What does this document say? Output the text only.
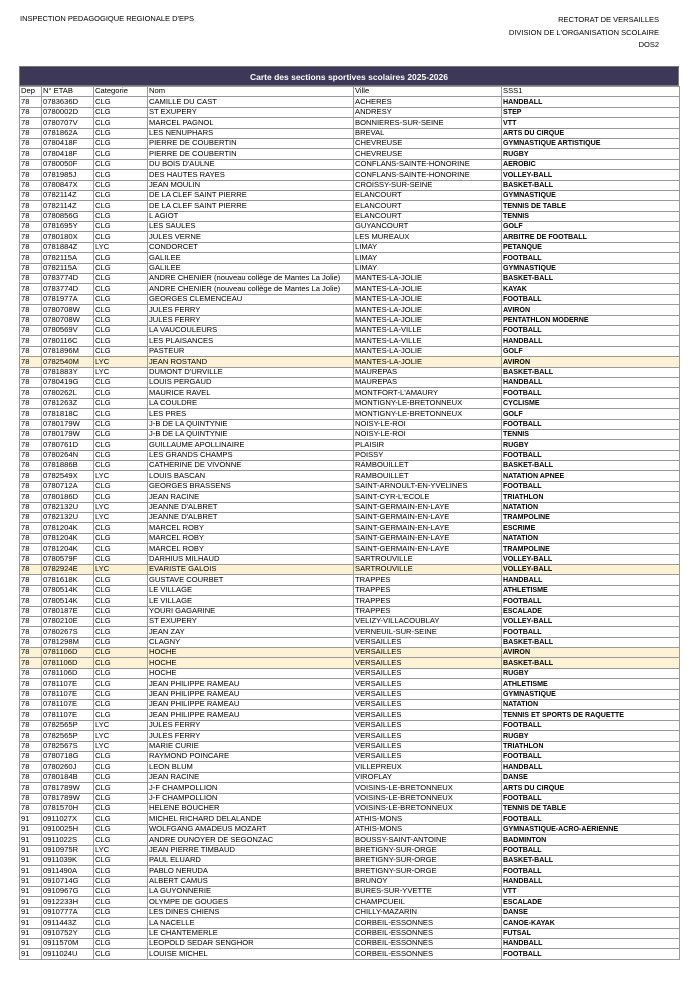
INSPECTION PEDAGOGIQUE REGIONALE D'EPS	RECTORAT DE VERSAILLES
DIVISION DE L'ORGANISATION SCOLAIRE
DOS2
Carte des sections sportives scolaires 2025-2026
Dep	N° ETAB	Categorie	Nom	Ville	SSS1
78	0783636D	CLG	CAMILLE DU CAST	ACHERES	HANDBALL
78	0780002D	CLG	ST EXUPERY	ANDRESY	STEP
78	0780707V	CLG	MARCEL PAGNOL	BONNIERES-SUR-SEINE	VTT
78	0781862A	CLG	LES NENUPHARS	BREVAL	ARTS DU CIRQUE
78	0780418F	CLG	PIERRE DE COUBERTIN	CHEVREUSE	GYMNASTIQUE ARTISTIQUE
78	0780418F	CLG	PIERRE DE COUBERTIN	CHEVREUSE	RUGBY
78	0780050F	CLG	DU BOIS D'AULNE	CONFLANS-SAINTE-HONORINE	AEROBIC
78	0781985J	CLG	DES HAUTES RAYES	CONFLANS-SAINTE-HONORINE	VOLLEY-BALL
78	0780847X	CLG	JEAN MOULIN	CROISSY-SUR-SEINE	BASKET-BALL
78	0782114Z	CLG	DE LA CLEF SAINT PIERRE	ELANCOURT	GYMNASTIQUE
78	0782114Z	CLG	DE LA CLEF SAINT PIERRE	ELANCOURT	TENNIS DE TABLE
78	0780856G	CLG	L AGIOT	ELANCOURT	TENNIS
78	0781695Y	CLG	LES SAULES	GUYANCOURT	GOLF
78	0780180X	CLG	JULES VERNE	LES MUREAUX	ARBITRE DE FOOTBALL
78	0781884Z	LYC	CONDORCET	LIMAY	PETANQUE
78	0782115A	CLG	GALILEE	LIMAY	FOOTBALL
78	0782115A	CLG	GALILEE	LIMAY	GYMNASTIQUE
78	0783774D	CLG	ANDRE CHENIER (nouveau collège de Mantes La Jolie)	MANTES-LA-JOLIE	BASKET-BALL
78	0783774D	CLG	ANDRE CHENIER (nouveau collège de Mantes La Jolie)	MANTES-LA-JOLIE	KAYAK
78	0781977A	CLG	GEORGES CLEMENCEAU	MANTES-LA-JOLIE	FOOTBALL
78	0780708W	CLG	JULES FERRY	MANTES-LA-JOLIE	AVIRON
78	0780708W	CLG	JULES FERRY	MANTES-LA-JOLIE	PENTATHLON MODERNE
78	0780569V	CLG	LA VAUCOULEURS	MANTES-LA-VILLE	FOOTBALL
78	0780116C	CLG	LES PLAISANCES	MANTES-LA-VILLE	HANDBALL
78	0781896M	CLG	PASTEUR	MANTES-LA-JOLIE	GOLF
78	0782540M	LYC	JEAN ROSTAND	MANTES-LA-JOLIE	AVIRON
78	0781883Y	LYC	DUMONT D'URVILLE	MAUREPAS	BASKET-BALL
78	0780419G	CLG	LOUIS PERGAUD	MAUREPAS	HANDBALL
78	0780262L	CLG	MAURICE RAVEL	MONTFORT-L'AMAURY	FOOTBALL
78	0781263Z	CLG	LA COULDRE	MONTIGNY-LE-BRETONNEUX	CYCLISME
78	0781818C	CLG	LES PRES	MONTIGNY-LE-BRETONNEUX	GOLF
78	0780179W	CLG	J-B DE LA QUINTYNIE	NOISY-LE-ROI	FOOTBALL
78	0780179W	CLG	J-B DE LA QUINTYNIE	NOISY-LE-ROI	TENNIS
78	0780761D	CLG	GUILLAUME APOLLINAIRE	PLAISIR	RUGBY
78	0780264N	CLG	LES GRANDS CHAMPS	POISSY	FOOTBALL
78	0781886B	CLG	CATHERINE DE VIVONNE	RAMBOUILLET	BASKET-BALL
78	0782549X	LYC	LOUIS BASCAN	RAMBOUILLET	NATATION APNEE
78	0780712A	CLG	GEORGES BRASSENS	SAINT-ARNOULT-EN-YVELINES	FOOTBALL
78	0780186D	CLG	JEAN RACINE	SAINT-CYR-L'ECOLE	TRIATHLON
78	0782132U	LYC	JEANNE D'ALBRET	SAINT-GERMAIN-EN-LAYE	NATATION
78	0782132U	LYC	JEANNE D'ALBRET	SAINT-GERMAIN-EN-LAYE	TRAMPOLINE
78	0781204K	CLG	MARCEL ROBY	SAINT-GERMAIN-EN-LAYE	ESCRIME
78	0781204K	CLG	MARCEL ROBY	SAINT-GERMAIN-EN-LAYE	NATATION
78	0781204K	CLG	MARCEL ROBY	SAINT-GERMAIN-EN-LAYE	TRAMPOLINE
78	0780579F	CLG	DARHIUS MILHAUD	SARTROUVILLE	VOLLEY-BALL
78	0782924E	LYC	EVARISTE GALOIS	SARTROUVILLE	VOLLEY-BALL
78	0781618K	CLG	GUSTAVE COURBET	TRAPPES	HANDBALL
78	0780514K	CLG	LE VILLAGE	TRAPPES	ATHLETISME
78	0780514K	CLG	LE VILLAGE	TRAPPES	FOOTBALL
78	0780187E	CLG	YOURI GAGARINE	TRAPPES	ESCALADE
78	0780210E	CLG	ST EXUPERY	VELIZY-VILLACOUBLAY	VOLLEY-BALL
78	0780267S	CLG	JEAN ZAY	VERNEUIL-SUR-SEINE	FOOTBALL
78	0781298M	CLG	CLAGNY	VERSAILLES	BASKET-BALL
78	0781106D	CLG	HOCHE	VERSAILLES	AVIRON
78	0781106D	CLG	HOCHE	VERSAILLES	BASKET-BALL
78	0781106D	CLG	HOCHE	VERSAILLES	RUGBY
78	0781107E	CLG	JEAN PHILIPPE RAMEAU	VERSAILLES	ATHLETISME
78	0781107E	CLG	JEAN PHILIPPE RAMEAU	VERSAILLES	GYMNASTIQUE
78	0781107E	CLG	JEAN PHILIPPE RAMEAU	VERSAILLES	NATATION
78	0781107E	CLG	JEAN PHILIPPE RAMEAU	VERSAILLES	TENNIS ET SPORTS DE RAQUETTE
78	0782565P	LYC	JULES FERRY	VERSAILLES	FOOTBALL
78	0782565P	LYC	JULES FERRY	VERSAILLES	RUGBY
78	0782567S	LYC	MARIE CURIE	VERSAILLES	TRIATHLON
78	0780718G	CLG	RAYMOND POINCARE	VERSAILLES	FOOTBALL
78	0780260J	CLG	LEON BLUM	VILLEPREUX	HANDBALL
78	0780184B	CLG	JEAN RACINE	VIROFLAY	DANSE
78	0781789W	CLG	J-F CHAMPOLLION	VOISINS-LE-BRETONNEUX	ARTS DU CIRQUE
78	0781789W	CLG	J-F CHAMPOLLION	VOISINS-LE-BRETONNEUX	FOOTBALL
78	0781570H	CLG	HELENE BOUCHER	VOISINS-LE-BRETONNEUX	TENNIS DE TABLE
91	0911027X	CLG	MICHEL RICHARD DELALANDE	ATHIS-MONS	FOOTBALL
91	0910025H	CLG	WOLFGANG AMADEUS MOZART	ATHIS-MONS	GYMNASTIQUE-ACRO-AÉRIENNE
91	0911022S	CLG	ANDRE DUNOYER DE SEGONZAC	BOUSSY-SAINT-ANTOINE	BADMINTON
91	0910975R	LYC	JEAN PIERRE TIMBAUD	BRETIGNY-SUR-ORGE	FOOTBALL
91	0911039K	CLG	PAUL ELUARD	BRETIGNY-SUR-ORGE	BASKET-BALL
91	0911490A	CLG	PABLO NERUDA	BRETIGNY-SUR-ORGE	FOOTBALL
91	0910714G	CLG	ALBERT CAMUS	BRUNOY	HANDBALL
91	0910967G	CLG	LA GUYONNERIE	BURES-SUR-YVETTE	VTT
91	0912233H	CLG	OLYMPE DE GOUGES	CHAMPCUEIL	ESCALADE
91	0910777A	CLG	LES DINES CHIENS	CHILLY-MAZARIN	DANSE
91	0911443Z	CLG	LA NACELLE	CORBEIL-ESSONNES	CANOE-KAYAK
91	0910752Y	CLG	LE CHANTEMERLE	CORBEIL-ESSONNES	FUTSAL
91	0911570M	CLG	LEOPOLD SEDAR SENGHOR	CORBEIL-ESSONNES	HANDBALL
91	0911024U	CLG	LOUISE MICHEL	CORBEIL-ESSONNES	FOOTBALL
